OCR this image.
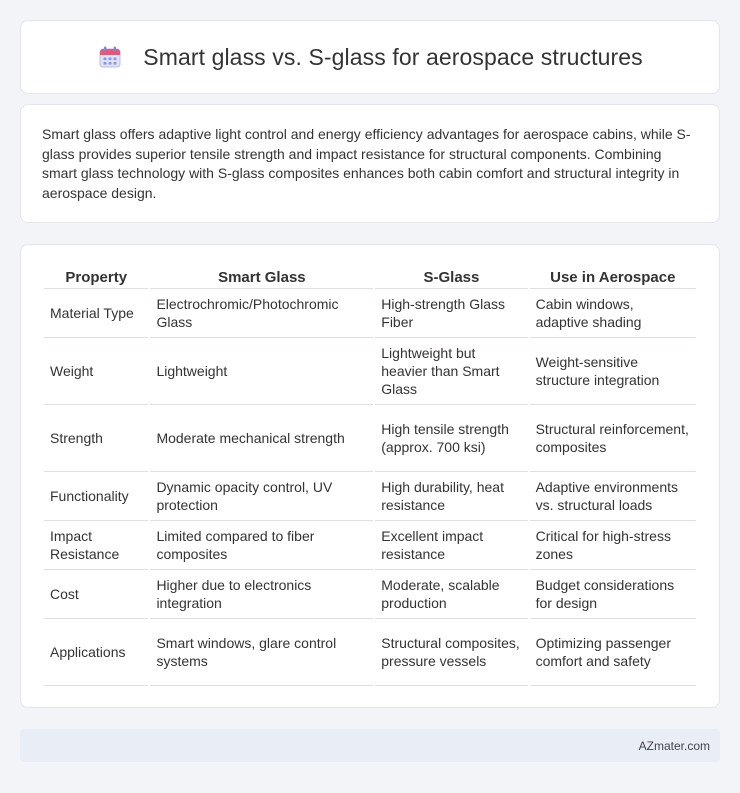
Smart glass vs. S-glass for aerospace structures

Smart glass offers adaptive light control and energy efficiency advantages for aerospace cabins, while S-glass provides superior tensile strength and impact resistance for structural components. Combining smart glass technology with S-glass composites enhances both cabin comfort and structural integrity in aerospace design.

Property	Smart Glass	S-Glass	Use in Aerospace
Material Type	Electrochromic/Photochromic Glass	High-strength Glass Fiber	Cabin windows, adaptive shading
Weight	Lightweight	Lightweight but heavier than Smart Glass	Weight-sensitive structure integration
Strength	Moderate mechanical strength	High tensile strength (approx. 700 ksi)	Structural reinforcement, composites
Functionality	Dynamic opacity control, UV protection	High durability, heat resistance	Adaptive environments vs. structural loads
Impact Resistance	Limited compared to fiber composites	Excellent impact resistance	Critical for high-stress zones
Cost	Higher due to electronics integration	Moderate, scalable production	Budget considerations for design
Applications	Smart windows, glare control systems	Structural composites, pressure vessels	Optimizing passenger comfort and safety
AZmater.com
